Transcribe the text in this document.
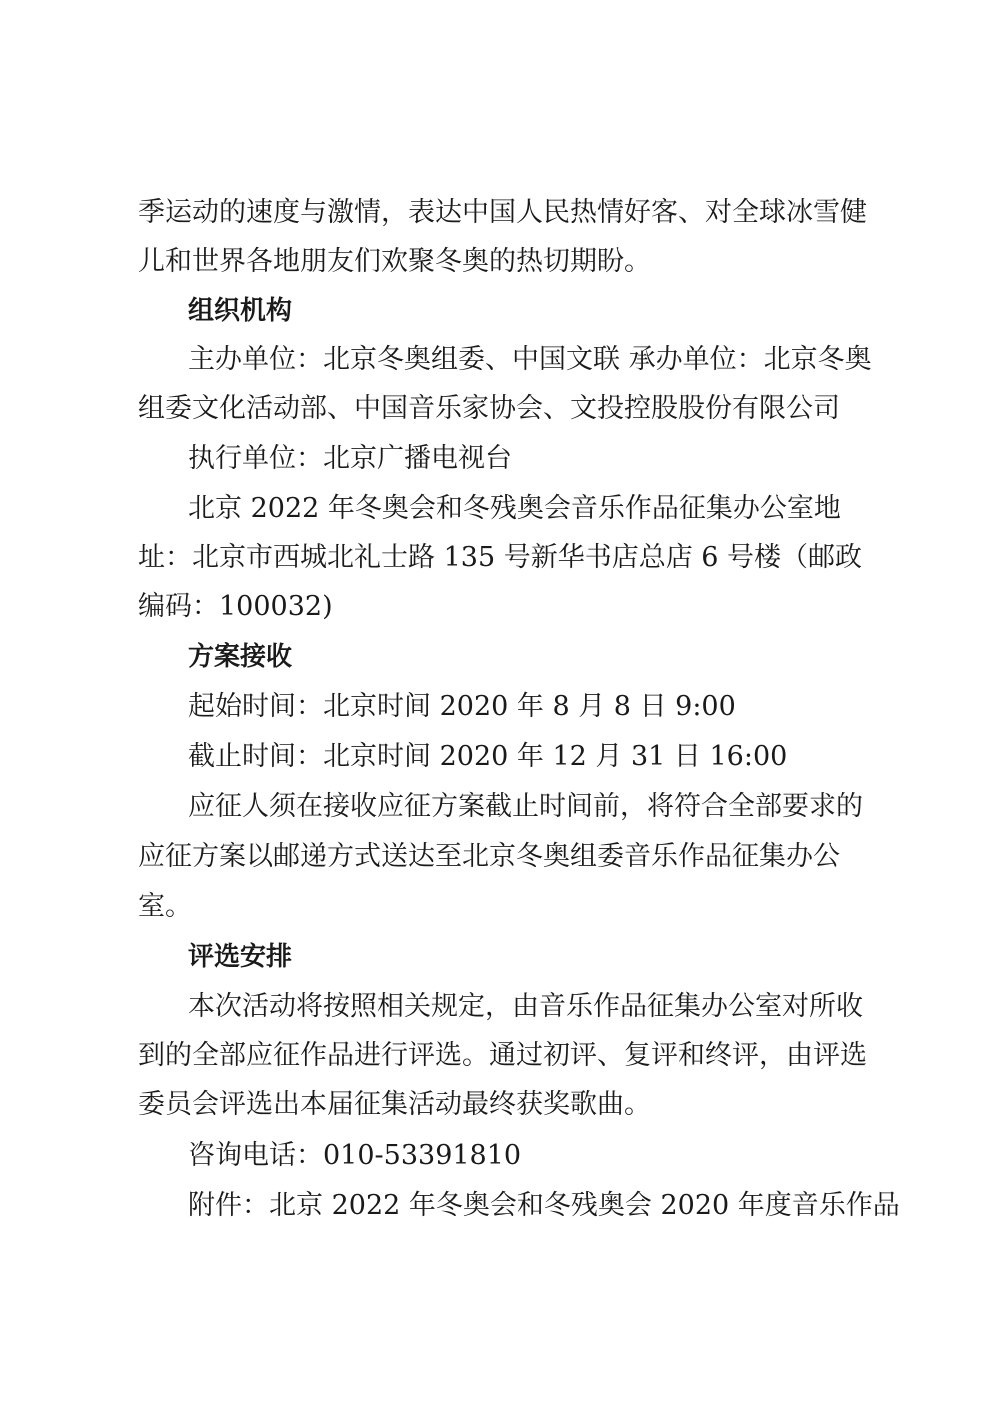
季运动的速度与激情，表达中国人民热情好客、对全球冰雪健
儿和世界各地朋友们欢聚冬奥的热切期盼。
组织机构
主办单位：北京冬奥组委、中国文联 承办单位：北京冬奥
组委文化活动部、中国音乐家协会、文投控股股份有限公司
执行单位：北京广播电视台
北京 2022 年冬奥会和冬残奥会音乐作品征集办公室地
址：北京市西城北礼士路 135 号新华书店总店 6 号楼（邮政
编码：100032)
方案接收
起始时间：北京时间 2020 年 8 月 8 日 9:00
截止时间：北京时间 2020 年 12 月 31 日 16:00
应征人须在接收应征方案截止时间前，将符合全部要求的
应征方案以邮递方式送达至北京冬奥组委音乐作品征集办公
室。
评选安排
本次活动将按照相关规定，由音乐作品征集办公室对所收
到的全部应征作品进行评选。通过初评、复评和终评，由评选
委员会评选出本届征集活动最终获奖歌曲。
咨询电话：010-53391810
附件：北京 2022 年冬奥会和冬残奥会 2020 年度音乐作品
